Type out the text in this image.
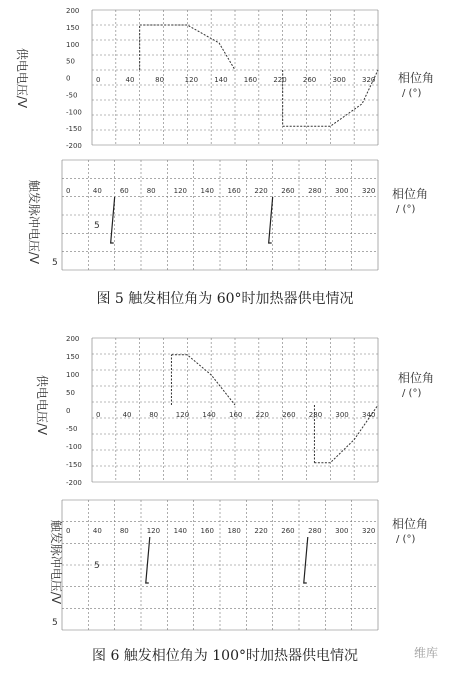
供电电压/V	相位角
/ (°)
200
150
100
50
0
-50
-100
-150
-200
0	40	80	120 140 160 220 260 300 320
触发脉冲电压/V	相位角
/ (°)
0	40	60	80	120 140 160 220 260 280 300 320
5
5
供电电压/V	相位角
/ (°)
200
150
100
50
0
-50
-100
-150
-200
0	40	80	120 140 160 220 260 280 300 340
触发脉冲电压/V	相位角
/ (°)
0	40	80	120 140 160 180 220 260 280 300 320
5
5
图 5 触发相位角为 60°时加热器供电情况
图 6 触发相位角为 100°时加热器供电情况	维库
